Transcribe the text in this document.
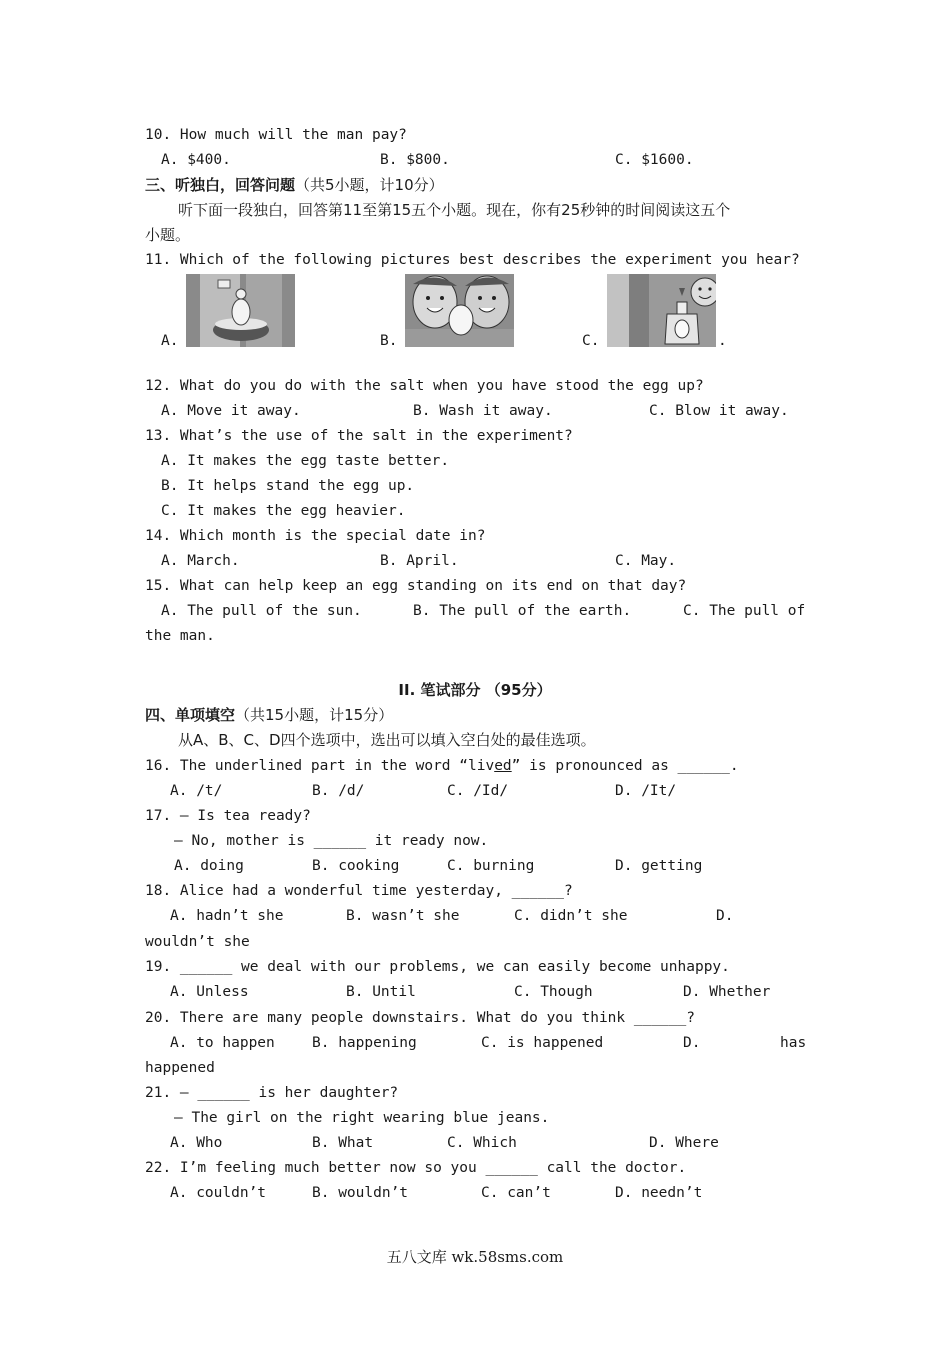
10. How much will the man pay?
A. $400.	B. $800.	C. $1600.
三、听独白，回答问题（共5小题，计10分）
听下面一段独白，回答第11至第15五个小题。现在，你有25秒钟的时间阅读这五个
小题。
11. Which of the following pictures best describes the experiment you hear?
A.	B.	C.	.
12. What do you do with the salt when you have stood the egg up?
A. Move it away.	B. Wash it away.	C. Blow it away.
13. What’s the use of the salt in the experiment?
A. It makes the egg taste better.
B. It helps stand the egg up.
C. It makes the egg heavier.
14. Which month is the special date in?
A. March.	B. April.	C. May.
15. What can help keep an egg standing on its end on that day?
A. The pull of the sun.	B. The pull of the earth.	C. The pull of
the man.
II. 笔试部分 （95分）
四、单项填空（共15小题，计15分）
从A、B、C、D四个选项中，选出可以填入空白处的最佳选项。
16. The underlined part in the word “lived” is pronounced as ______.
A. /t/	B. /d/	C. /Id/	D. /It/
17. — Is tea ready?
— No, mother is ______ it ready now.
A. doing	B. cooking	C. burning	D. getting
18. Alice had a wonderful time yesterday, ______?
A. hadn’t she	B. wasn’t she	C. didn’t she	D.
wouldn’t she
19. ______ we deal with our problems, we can easily become unhappy.
A. Unless	B. Until	C. Though	D. Whether
20. There are many people downstairs. What do you think ______?
A. to happen	B. happening	C. is happened	D.	has
happened
21. — ______ is her daughter?
— The girl on the right wearing blue jeans.
A. Who	B. What	C. Which	D. Where
22. I’m feeling much better now so you ______ call the doctor.
A. couldn’t	B. wouldn’t	C. can’t	D. needn’t
五八文库 wk.58sms.com
